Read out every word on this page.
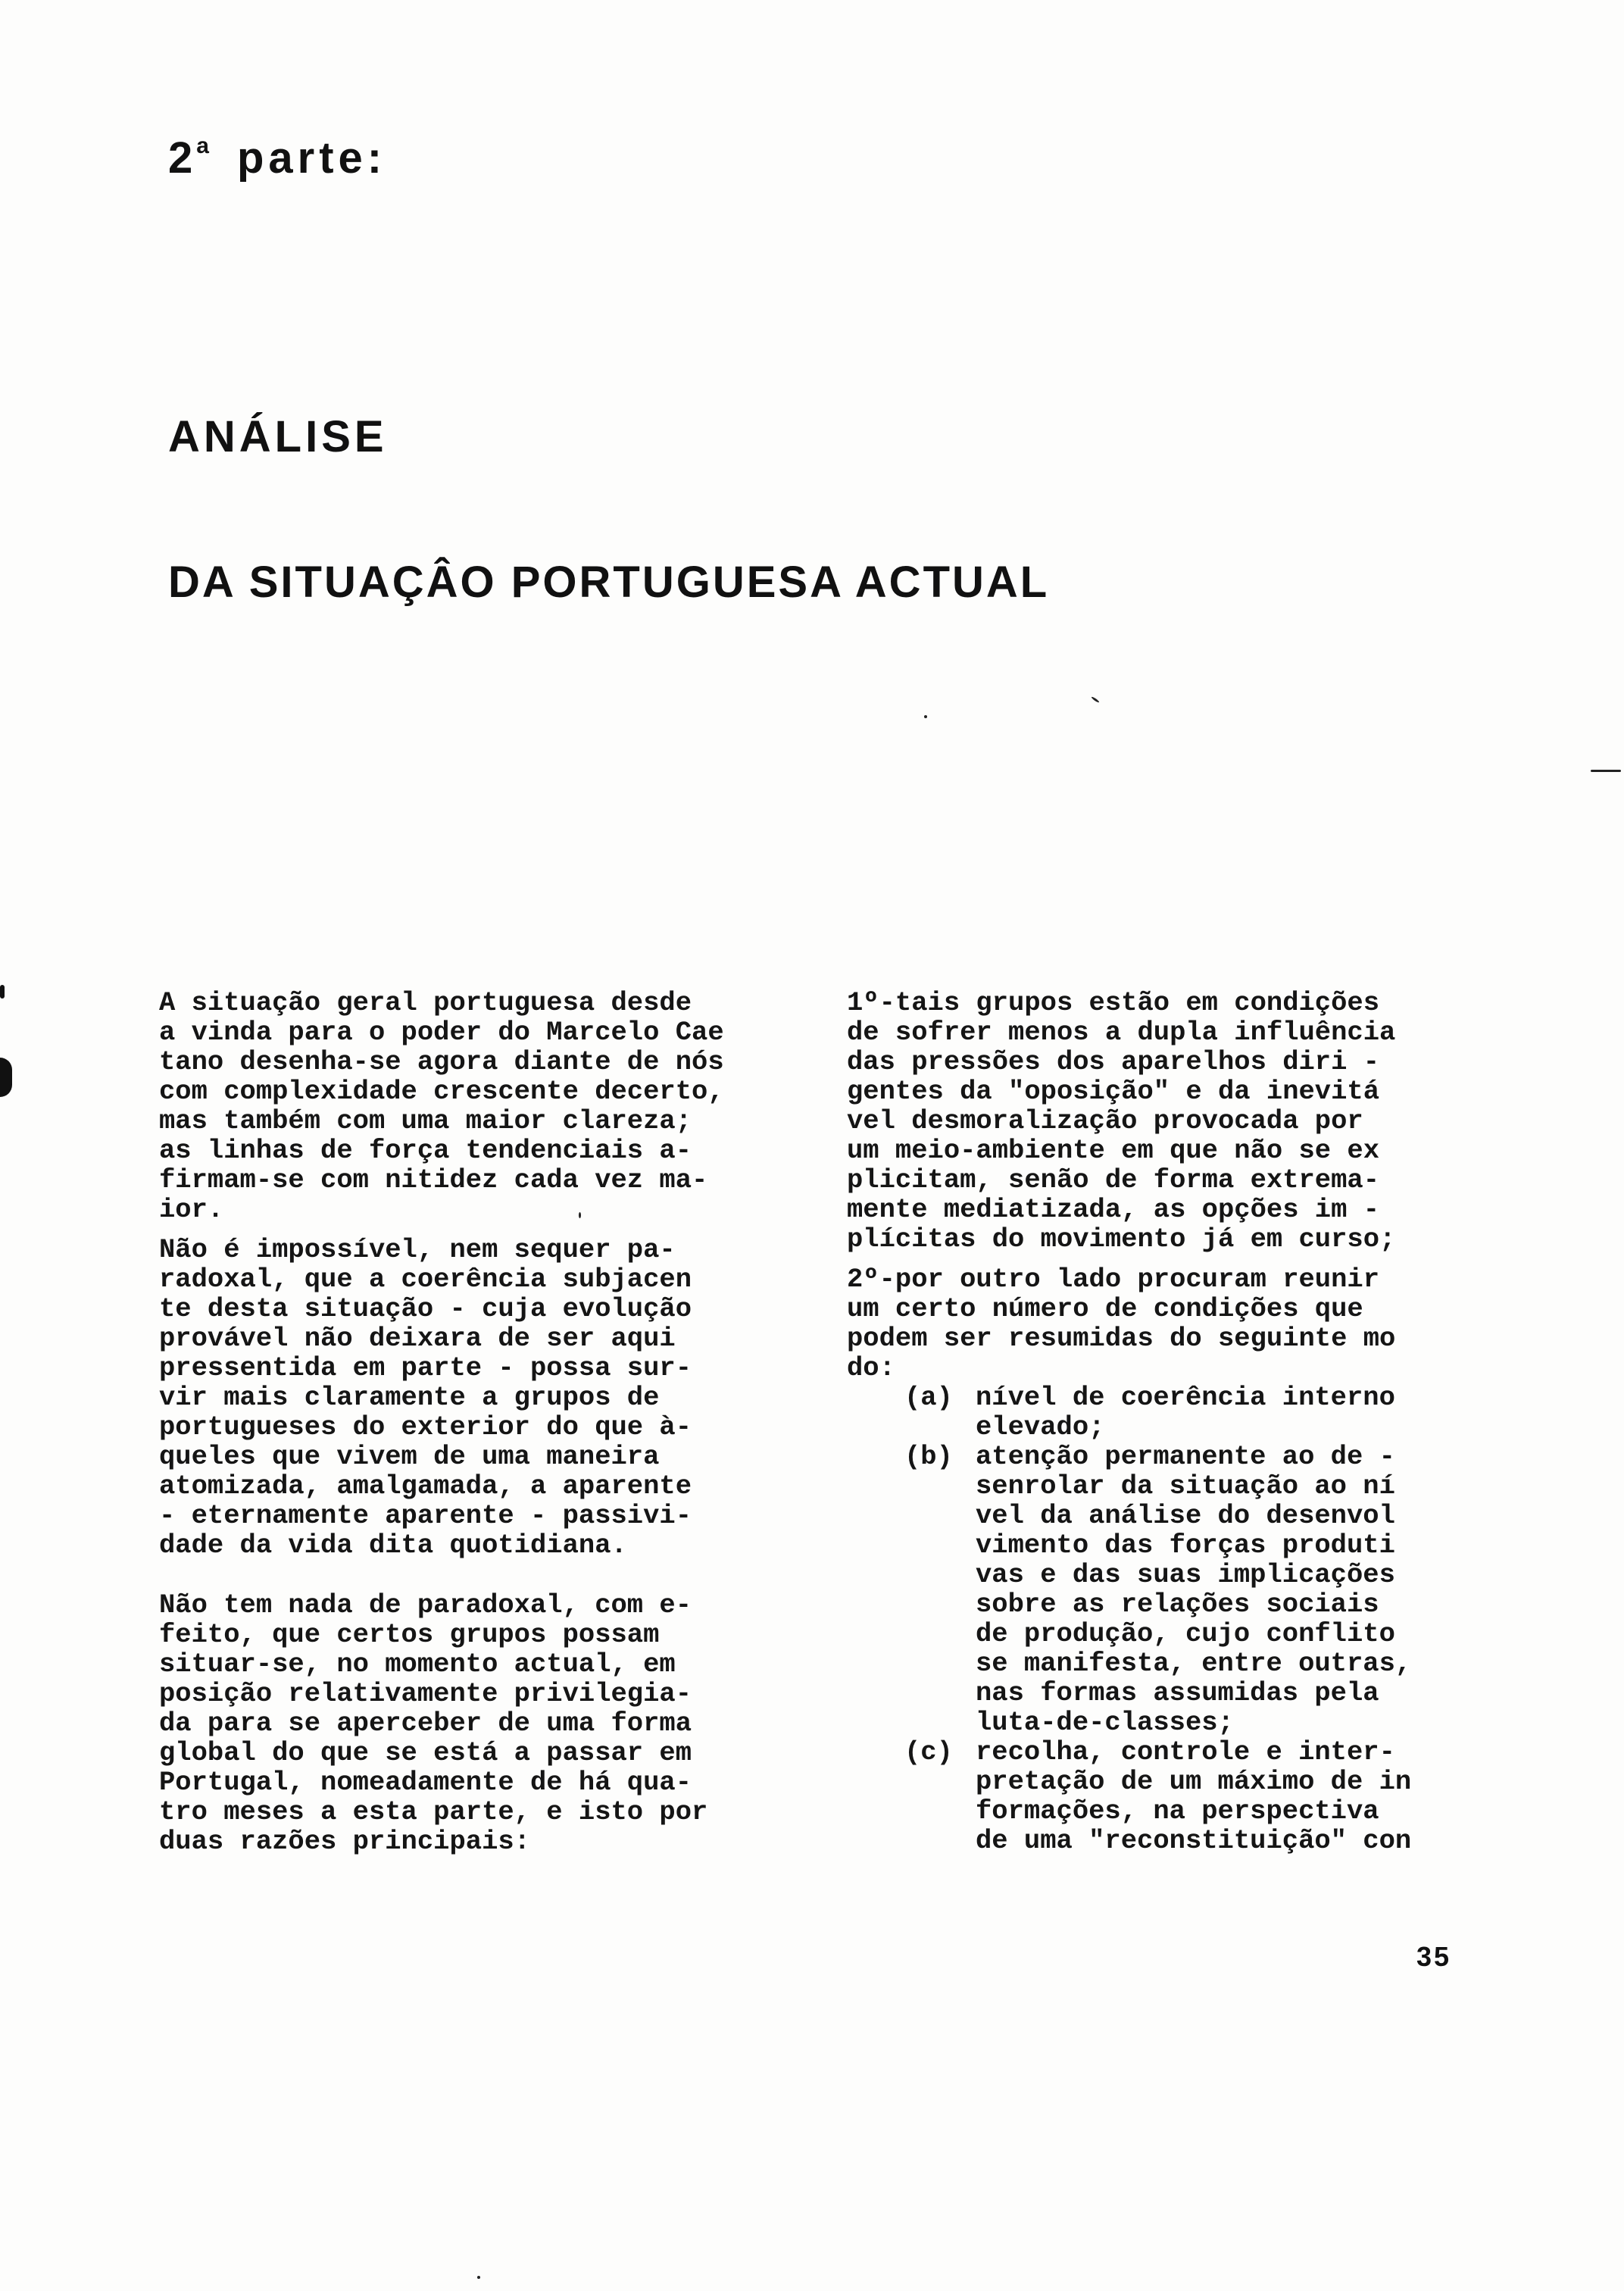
2$^a$ parte:
ANÁLISE
DA SITUAÇÂO PORTUGUESA ACTUAL
A situação geral portuguesa desde
a vinda para o poder do Marcelo Cae
tano desenha-se agora diante de nós
com complexidade crescente decerto,
mas também com uma maior clareza;
as linhas de força tendenciais a-
firmam-se com nitidez cada vez ma-
ior.
Não é impossível, nem sequer pa-
radoxal, que a coerência subjacen
te desta situação - cuja evolução
provável não deixara de ser aqui
pressentida em parte - possa sur-
vir mais claramente a grupos de
portugueses do exterior do que à-
queles que vivem de uma maneira
atomizada, amalgamada, a aparente
- eternamente aparente - passivi-
dade da vida dita quotidiana.
Não tem nada de paradoxal, com e-
feito, que certos grupos possam
situar-se, no momento actual, em
posição relativamente privilegia-
da para se aperceber de uma forma
global do que se está a passar em
Portugal, nomeadamente de há qua-
tro meses a esta parte, e isto por
duas razões principais:
1º-tais grupos estão em condições
de sofrer menos a dupla influência
das pressões dos aparelhos diri -
gentes da "oposição" e da inevitá
vel desmoralização provocada por
um meio-ambiente em que não se ex
plicitam, senão de forma extrema-
mente mediatizada, as opções im -
plícitas do movimento já em curso;
2º-por outro lado procuram reunir
um certo número de condições que
podem ser resumidas do seguinte mo
do:
(a) nível de coerência interno
elevado;
(b) atenção permanente ao de -
senrolar da situação ao ní
vel da análise do desenvol
vimento das forças produti
vas e das suas implicações
sobre as relações sociais
de produção, cujo conflito
se manifesta, entre outras,
nas formas assumidas pela
luta-de-classes;
(c) recolha, controle e inter-
pretação de um máximo de in
formações, na perspectiva
de uma "reconstituição" con
35
